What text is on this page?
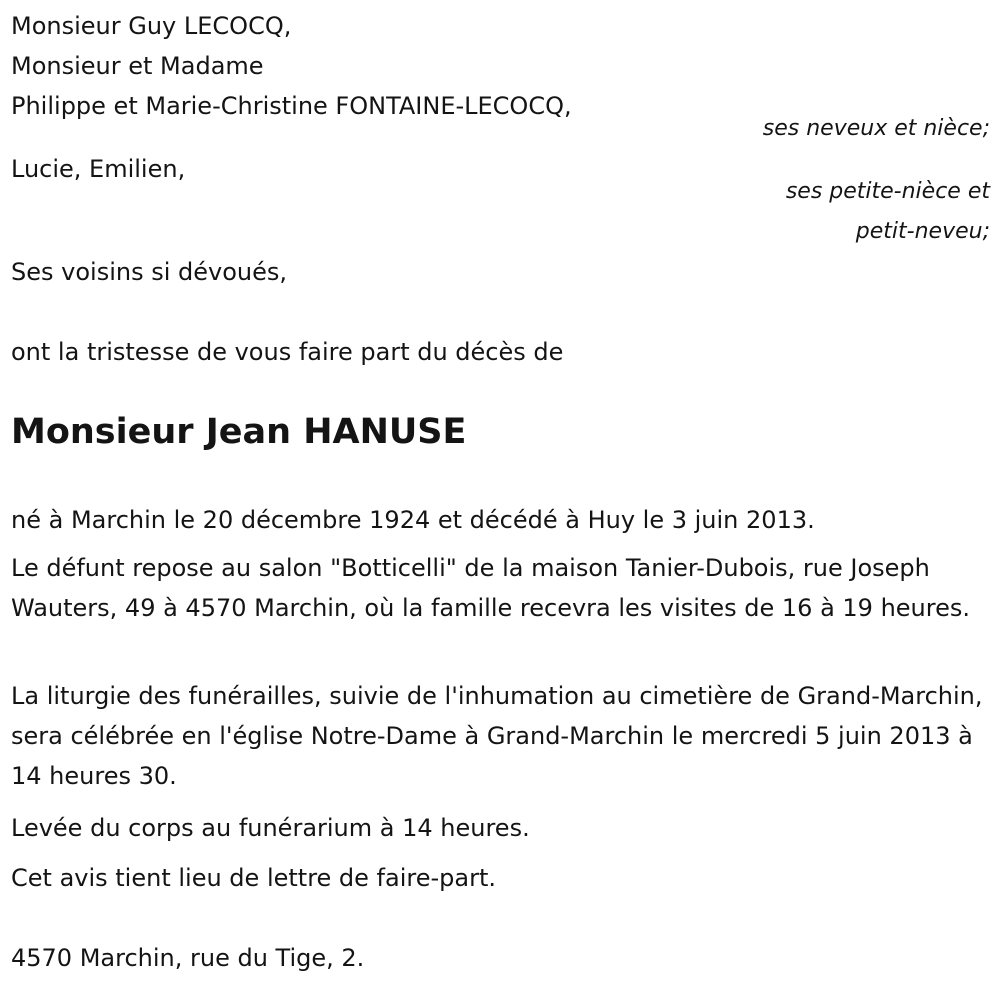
Monsieur Guy LECOCQ,

Monsieur et Madame

Philippe et Marie-Christine FONTAINE-LECOCQ,

ses neveux et nièce;

Lucie, Emilien,

ses petite-nièce et

petit-neveu;

Ses voisins si dévoués,

ont la tristesse de vous faire part du décès de

Monsieur Jean HANUSE

né à Marchin le 20 décembre 1924 et décédé à Huy le 3 juin 2013.

Le défunt repose au salon "Botticelli" de la maison Tanier-Dubois, rue Joseph Wauters, 49 à 4570 Marchin, où la famille recevra les visites de 16 à 19 heures.

La liturgie des funérailles, suivie de l'inhumation au cimetière de Grand-Marchin, sera célébrée en l'église Notre-Dame à Grand-Marchin le mercredi 5 juin 2013 à 14 heures 30.

Levée du corps au funérarium à 14 heures.

Cet avis tient lieu de lettre de faire-part.

4570 Marchin, rue du Tige, 2.
